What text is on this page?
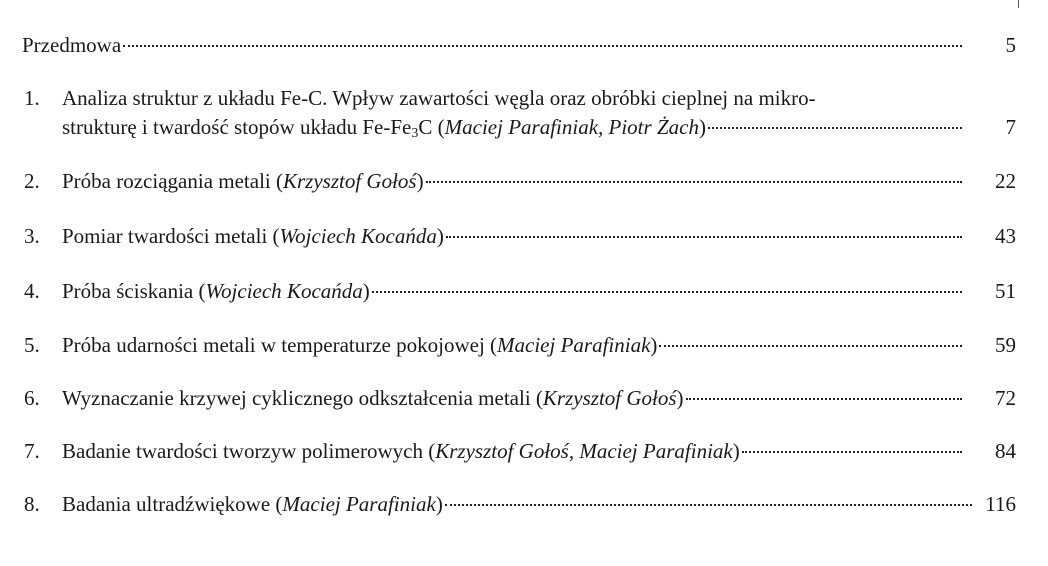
Przedmowa	5
1. Analiza struktur z układu Fe-C. Wpływ zawartości węgla oraz obróbki cieplnej na mikro-
strukturę i twardość stopów układu $Fe-Fe_3C$ (Maciej Parafiniak, Piotr Żach)	7
2. Próba rozciągania metali (Krzysztof Gołoś)	22
3. Pomiar twardości metali (Wojciech Kocańda)	43
4. Próba ściskania (Wojciech Kocańda)	51
5. Próba udarności metali w temperaturze pokojowej (Maciej Parafiniak)	59
6. Wyznaczanie krzywej cyklicznego odkształcenia metali (Krzysztof Gołoś)	72
7. Badanie twardości tworzyw polimerowych (Krzysztof Gołoś, Maciej Parafiniak)	84
8. Badania ultradźwiękowe (Maciej Parafiniak)	116
